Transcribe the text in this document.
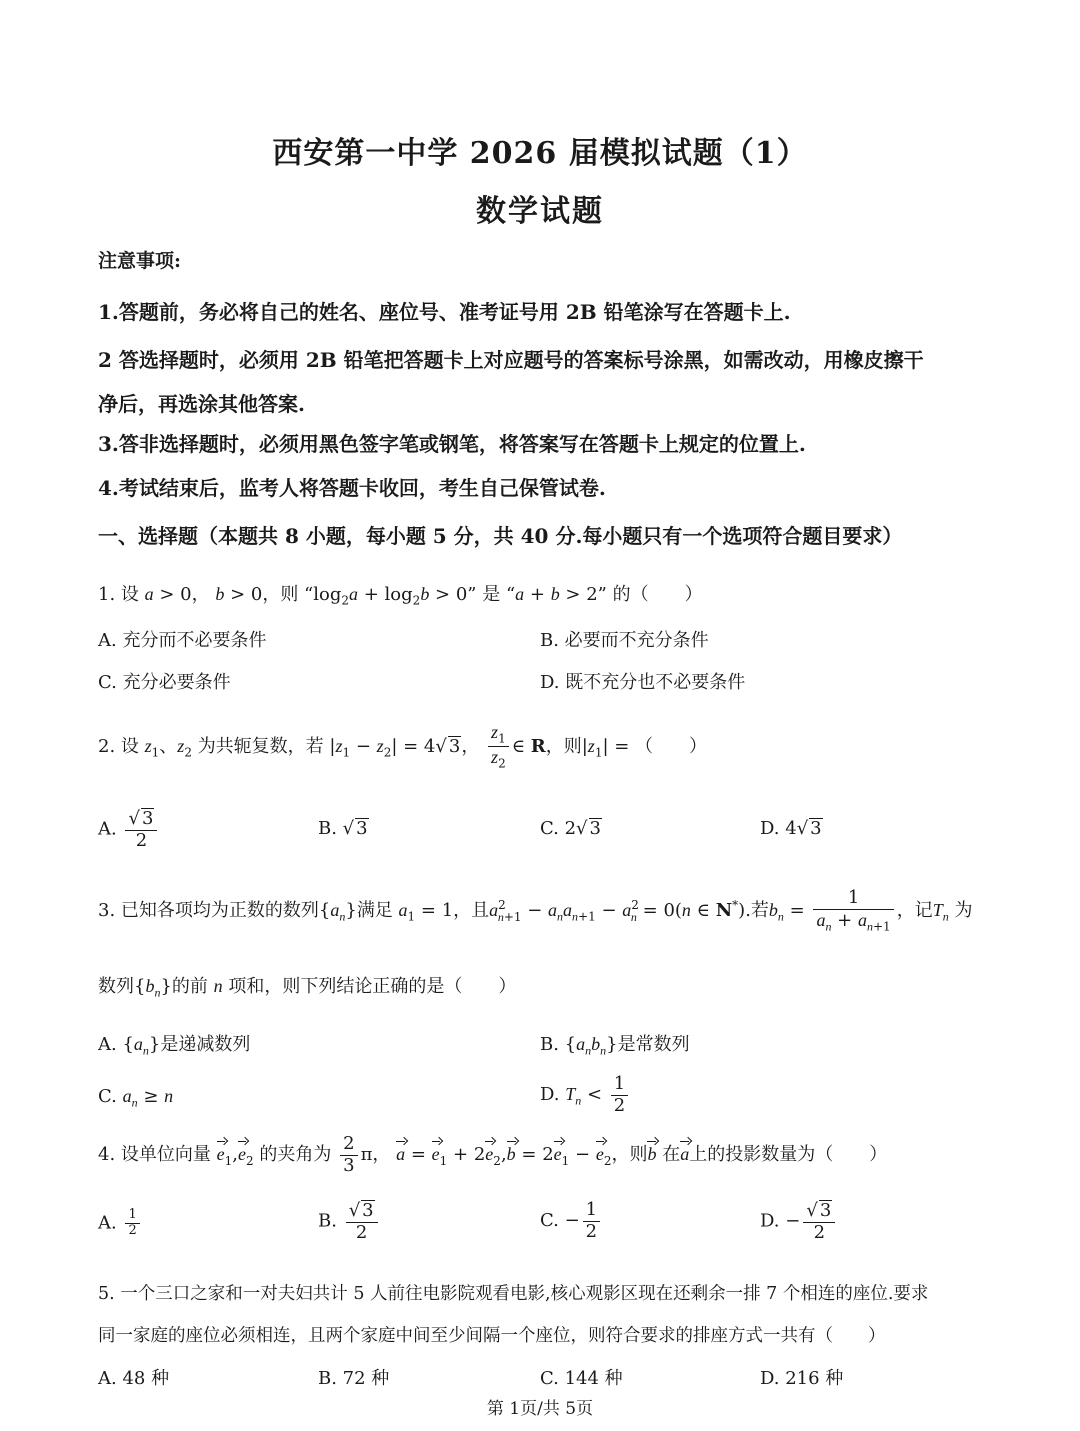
西安第一中学 2026 届模拟试题（1）
数学试题
注意事项:
1.答题前，务必将自己的姓名、座位号、准考证号用 2B 铅笔涂写在答题卡上.
2 答选择题时，必须用 2B 铅笔把答题卡上对应题号的答案标号涂黑，如需改动，用橡皮擦干
净后，再选涂其他答案.
3.答非选择题时，必须用黑色签字笔或钢笔，将答案写在答题卡上规定的位置上.
4.考试结束后，监考人将答题卡收回，考生自己保管试卷.
一、选择题（本题共 8 小题，每小题 5 分，共 40 分.每小题只有一个选项符合题目要求）
1. 设 a > 0， b > 0，则 “$\log_2a + \log_2b > 0$” 是 “a + b > 2” 的（　　）
A. 充分而不必要条件	B. 必要而不充分条件
C. 充分必要条件	D. 既不充分也不必要条件
2. 设 $z_1$、$z_2$ 为共轭复数，若 $|z_1 - z_2| = 4√$ 3， $\frac{z_1}{z_2}$ ∈ R，则$|z_1|$ = （　　）
A. $\frac{√ 3}{2}$	B. √ 3	C. 2√ 3	D. 4√ 3
3. 已知各项均为正数的数列$\{a_n\}$满足 $a_1 = 1$，且$a^2_{n+1} - a_na_{n+1} - a^2_n = 0(n$ ∈ N*).若$b_n = \frac{1}{a_n + a_{n+1}}$ ，记$T_n$ 为
数列$\{b_n\}$的前 n 项和，则下列结论正确的是（　　）
A. $\{a_n\}$是递减数列	B. $\{a_nb_n\}$是常数列
C. $a_n \ge n$	D. $T_n < \frac{1}{2}$
4. 设单位向量 $e_1,e_2$ 的夹角为 $\frac{2}{3}$ π， $a = e_1 + 2e_2,b = 2e_1 - e_2$，则b 在a上的投影数量为（　　）
A. $\frac{1}{2}$	B. $\frac{√ 3}{2}$	C. − $\frac{1}{2}$	D. − $\frac{√ 3}{2}$
5. 一个三口之家和一对夫妇共计 5 人前往电影院观看电影,核心观影区现在还剩余一排 7 个相连的座位.要求
同一家庭的座位必须相连，且两个家庭中间至少间隔一个座位，则符合要求的排座方式一共有（　　）
A. 48 种	B. 72 种	C. 144 种	D. 216 种
第 1页/共 5页
